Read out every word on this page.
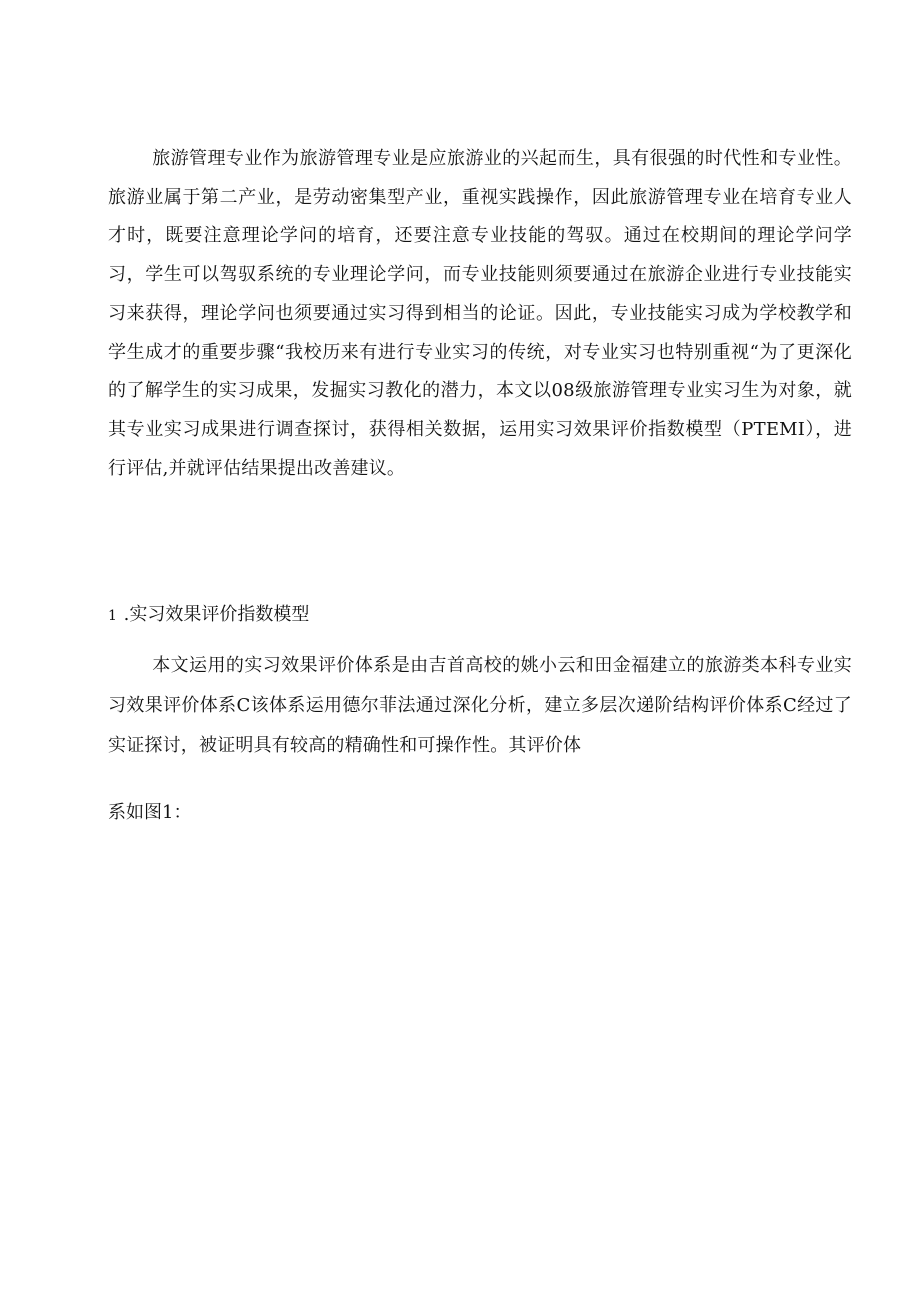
旅游管理专业作为旅游管理专业是应旅游业的兴起而生，具有很强的时代性和专业性。旅游业属于第二产业，是劳动密集型产业，重视实践操作，因此旅游管理专业在培育专业人才时，既要注意理论学问的培育，还要注意专业技能的驾驭。通过在校期间的理论学问学习，学生可以驾驭系统的专业理论学问，而专业技能则须要通过在旅游企业进行专业技能实习来获得，理论学问也须要通过实习得到相当的论证。因此，专业技能实习成为学校教学和学生成才的重要步骤“我校历来有进行专业实习的传统，对专业实习也特别重视“为了更深化的了解学生的实习成果，发掘实习教化的潜力，本文以08级旅游管理专业实习生为对象，就其专业实习成果进行调查探讨，获得相关数据，运用实习效果评价指数模型（PTEMI），进行评估,并就评估结果提出改善建议。

1 .实习效果评价指数模型

本文运用的实习效果评价体系是由吉首高校的姚小云和田金福建立的旅游类本科专业实习效果评价体系C该体系运用德尔菲法通过深化分析，建立多层次递阶结构评价体系C经过了实证探讨，被证明具有较高的精确性和可操作性。其评价体

系如图1：
